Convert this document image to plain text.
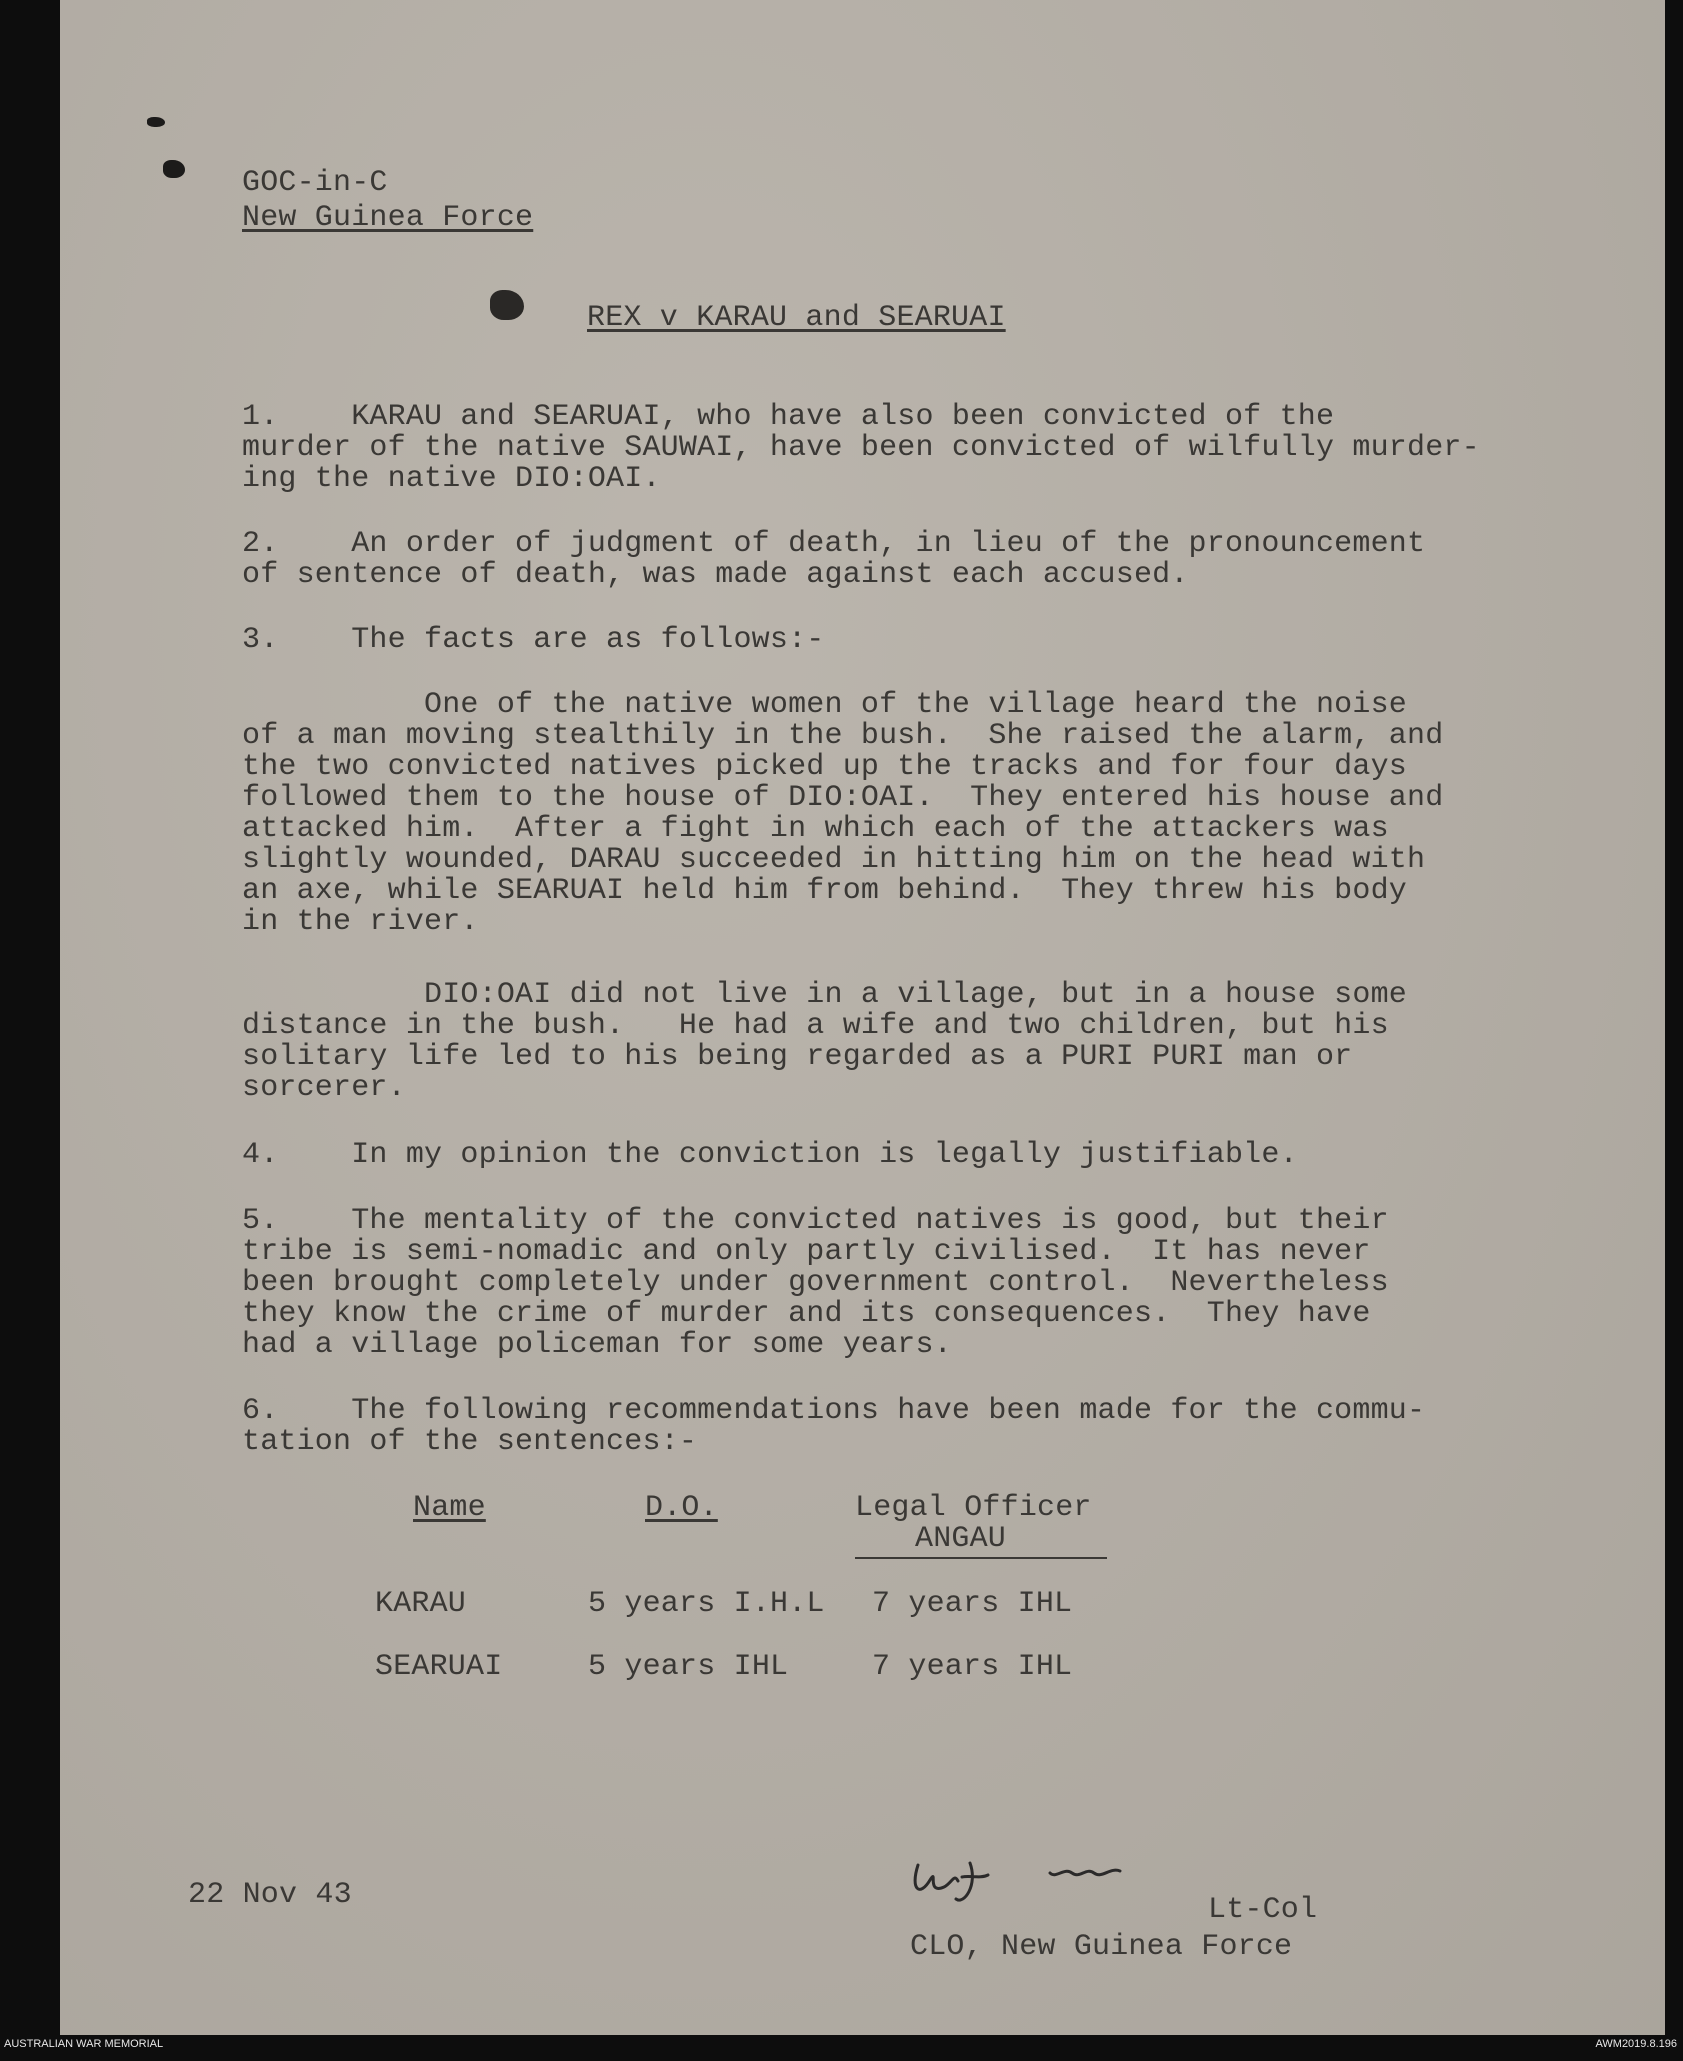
GOC-in-C
New Guinea Force
REX v KARAU and SEARUAI
1.    KARAU and SEARUAI, who have also been convicted of the
murder of the native SAUWAI, have been convicted of wilfully murder-
ing the native DIO:OAI.
2.    An order of judgment of death, in lieu of the pronouncement
of sentence of death, was made against each accused.
3.    The facts are as follows:-
One of the native women of the village heard the noise
of a man moving stealthily in the bush.  She raised the alarm, and
the two convicted natives picked up the tracks and for four days
followed them to the house of DIO:OAI.  They entered his house and
attacked him.  After a fight in which each of the attackers was
slightly wounded, DARAU succeeded in hitting him on the head with
an axe, while SEARUAI held him from behind.  They threw his body
in the river.
DIO:OAI did not live in a village, but in a house some
distance in the bush.   He had a wife and two children, but his
solitary life led to his being regarded as a PURI PURI man or
sorcerer.
4.    In my opinion the conviction is legally justifiable.
5.    The mentality of the convicted natives is good, but their
tribe is semi-nomadic and only partly civilised.  It has never
been brought completely under government control.  Nevertheless
they know the crime of murder and its consequences.  They have
had a village policeman for some years.
6.    The following recommendations have been made for the commu-
tation of the sentences:-
Name	D.O.	Legal Officer
ANGAU
KARAU	5 years I.H.L 7 years IHL
SEARUAI	5 years IHL	7 years IHL
22 Nov 43	Lt-Col
CLO, New Guinea Force
AUSTRALIAN WAR MEMORIAL	AWM2019.8.196
